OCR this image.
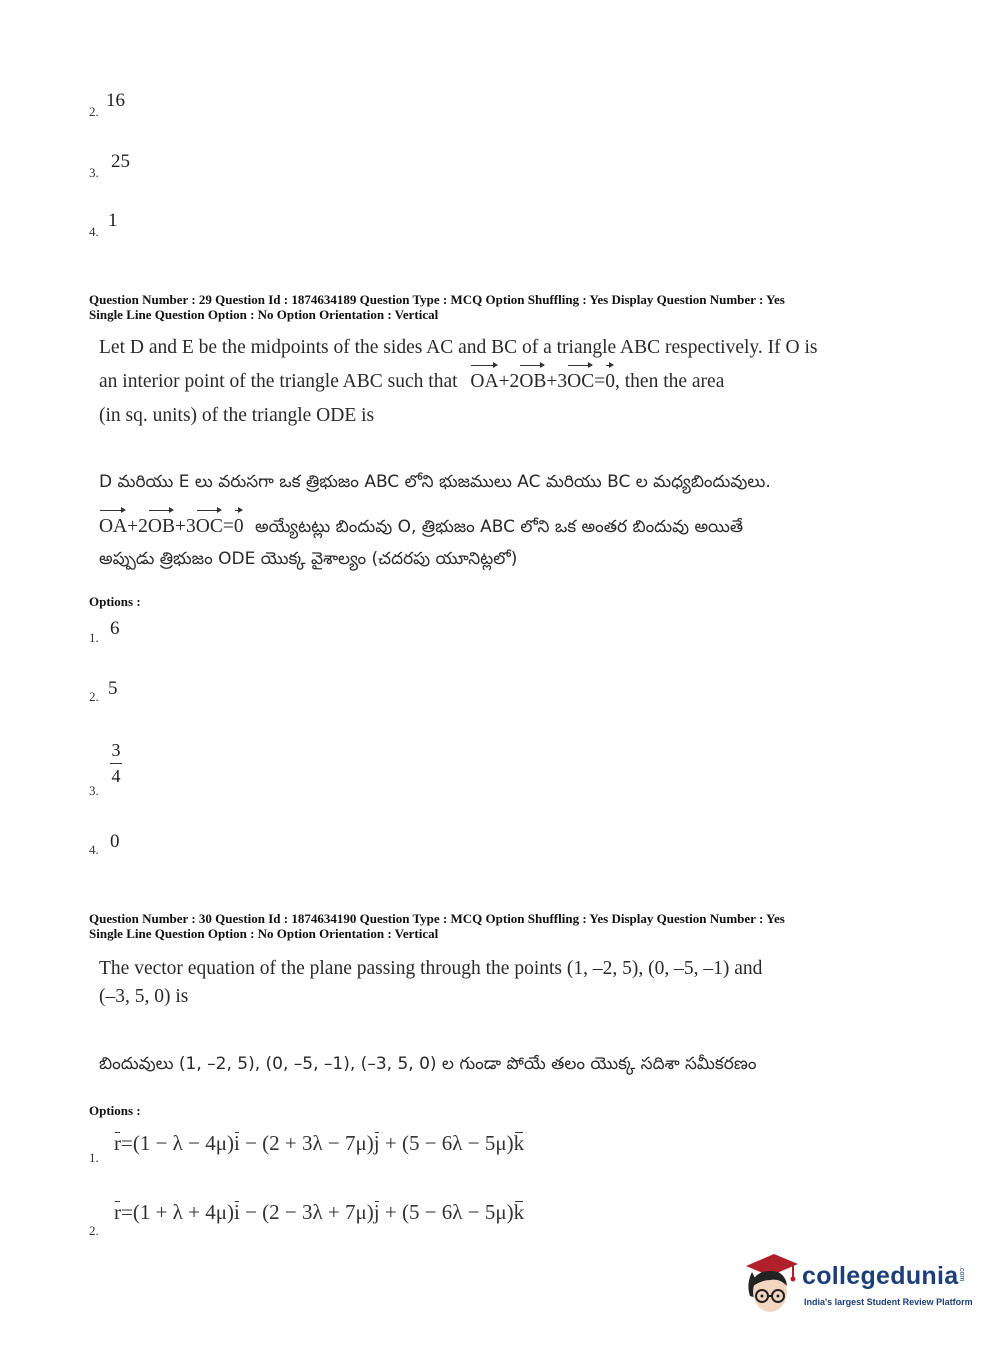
2.
16
3.
25
4.
1
Question Number : 29 Question Id : 1874634189 Question Type : MCQ Option Shuffling : Yes Display Question Number : Yes
Single Line Question Option : No Option Orientation : Vertical
Let D and E be the midpoints of the sides AC and BC of a triangle ABC respectively. If O is
an interior point of the triangle ABC such that OA+2OB+3OC=0, then the area
(in sq. units) of the triangle ODE is
D మరియు E లు వరుసగా ఒక త్రిభుజం ABC లోని భుజములు AC మరియు BC ల మధ్యబిందువులు.
OA+2OB+3OC=0 అయ్యేటట్లు బిందువు O, త్రిభుజం ABC లోని ఒక అంతర బిందువు అయితే
అప్పుడు త్రిభుజం ODE యొక్క వైశాల్యం (చదరపు యూనిట్లలో)
Options :
1. 6
2. 5
3.
3
4
4. 0
Question Number : 30 Question Id : 1874634190 Question Type : MCQ Option Shuffling : Yes Display Question Number : Yes
Single Line Question Option : No Option Orientation : Vertical
The vector equation of the plane passing through the points (1, –2, 5), (0, –5, –1) and
(–3, 5, 0) is
బిందువులు (1, –2, 5), (0, –5, –1), (–3, 5, 0) ల గుండా పోయే తలం యొక్క సదిశా సమీకరణం
Options :
1.
r=(1 − λ − 4μ)i − (2 + 3λ − 7μ)j + (5 − 6λ − 5μ)k
2.
r=(1 + λ + 4μ)i − (2 − 3λ + 7μ)j + (5 − 6λ − 5μ)k
collegedunia .com
India's largest Student Review Platform
